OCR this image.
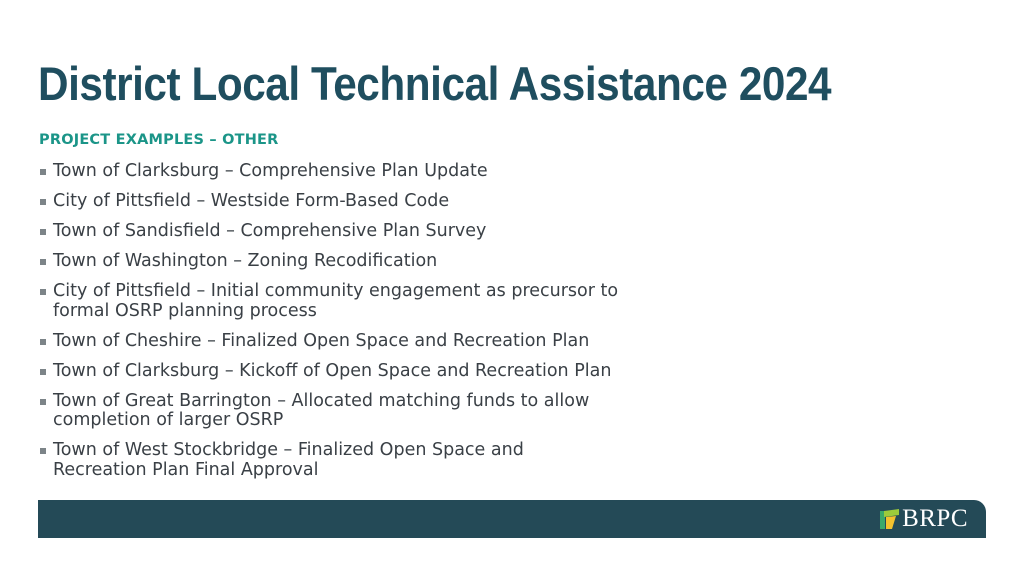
District Local Technical Assistance 2024
PROJECT EXAMPLES – OTHER
Town of Clarksburg – Comprehensive Plan Update
City of Pittsfield – Westside Form-Based Code
Town of Sandisfield – Comprehensive Plan Survey
Town of Washington – Zoning Recodification
City of Pittsfield – Initial community engagement as precursor to
formal OSRP planning process
Town of Cheshire – Finalized Open Space and Recreation Plan
Town of Clarksburg – Kickoff of Open Space and Recreation Plan
Town of Great Barrington – Allocated matching funds to allow
completion of larger OSRP
Town of West Stockbridge – Finalized Open Space and
Recreation Plan Final Approval
BRPC
